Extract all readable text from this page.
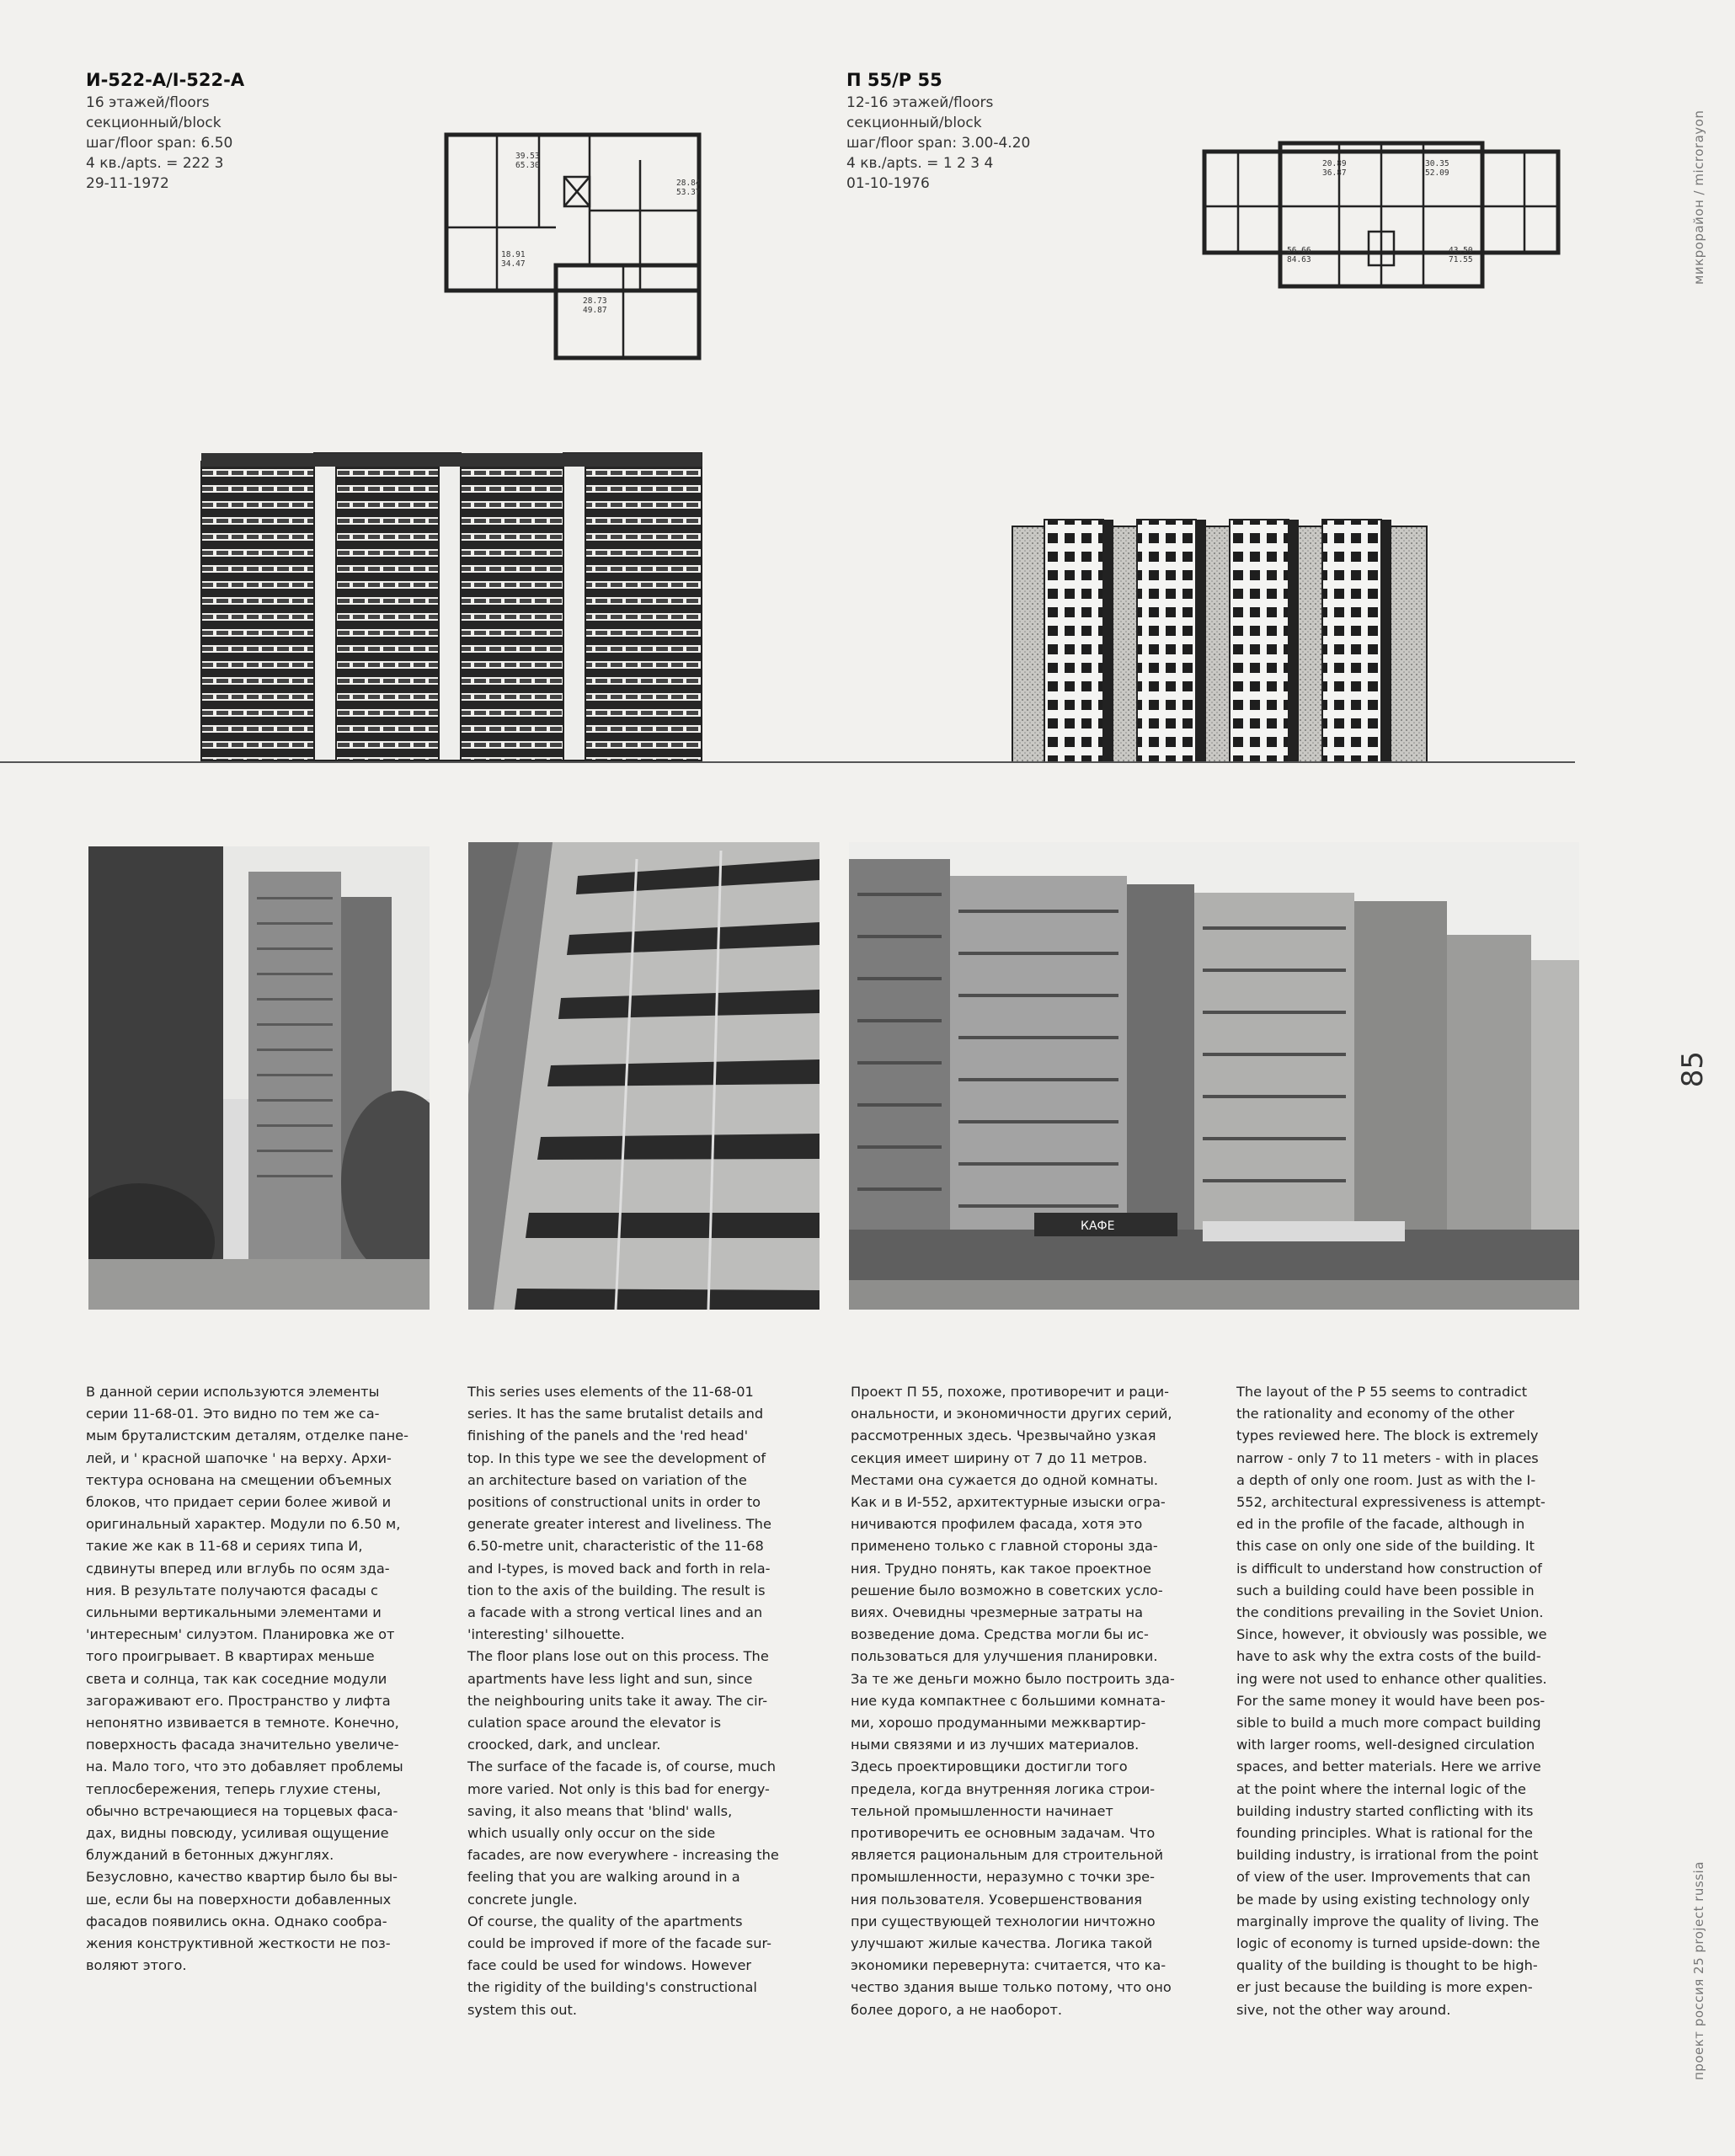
И-522-А/I-522-А
16 этажей/floors
секционный/block
шаг/floor span: 6.50
4 кв./apts. = 222 3
29-11-1972
П 55/Р 55
12-16 этажей/floors
секционный/block
шаг/floor span: 3.00-4.20
4 кв./apts. = 1 2 3 4
01-10-1976
39.53
65.30
28.84
53.37
18.91
34.47
28.73
49.87
20.89
36.87
30.35
52.09
56.66
84.63
43.50
71.55	микрорайон / microrayon
85
проект россия 25 project russia
КАФЕ
В данной серии используются элементы
серии 11-68-01. Это видно по тем же са-
мым бруталистским деталям, отделке пане-
лей, и ' красной шапочке ' на верху. Архи-
тектура основана на смещении объемных
блоков, что придает серии более живой и
оригинальный характер. Модули по 6.50 м,
такие же как в 11-68 и сериях типа И,
сдвинуты вперед или вглубь по осям зда-
ния. В результате получаются фасады с
сильными вертикальными элементами и
'интересным' силуэтом. Планировка же от
того проигрывает. В квартирах меньше
света и солнца, так как соседние модули
загораживают его. Пространство у лифта
непонятно извивается в темноте. Конечно,
поверхность фасада значительно увеличе-
на. Мало того, что это добавляет проблемы
теплосбережения, теперь глухие стены,
обычно встречающиеся на торцевых фаса-
дах, видны повсюду, усиливая ощущение
блужданий в бетонных джунглях.
Безусловно, качество квартир было бы вы-
ше, если бы на поверхности добавленных
фасадов появились окна. Однако сообра-
жения конструктивной жесткости не поз-
воляют этого.
This series uses elements of the 11-68-01
series. It has the same brutalist details and
finishing of the panels and the 'red head'
top. In this type we see the development of
an architecture based on variation of the
positions of constructional units in order to
generate greater interest and liveliness. The
6.50-metre unit, characteristic of the 11-68
and I-types, is moved back and forth in rela-
tion to the axis of the building. The result is
a facade with a strong vertical lines and an
'interesting' silhouette.
The floor plans lose out on this process. The
apartments have less light and sun, since
the neighbouring units take it away. The cir-
culation space around the elevator is
croocked, dark, and unclear.
The surface of the facade is, of course, much
more varied. Not only is this bad for energy-
saving, it also means that 'blind' walls,
which usually only occur on the side
facades, are now everywhere - increasing the
feeling that you are walking around in a
concrete jungle.
Of course, the quality of the apartments
could be improved if more of the facade sur-
face could be used for windows. However
the rigidity of the building's constructional
system this out.
Проект П 55, похоже, противоречит и раци-
ональности, и экономичности других серий,
рассмотренных здесь. Чрезвычайно узкая
секция имеет ширину от 7 до 11 метров.
Местами она сужается до одной комнаты.
Как и в И-552, архитектурные изыски огра-
ничиваются профилем фасада, хотя это
применено только с главной стороны зда-
ния. Трудно понять, как такое проектное
решение было возможно в советских усло-
виях. Очевидны чрезмерные затраты на
возведение дома. Средства могли бы ис-
пользоваться для улучшения планировки.
За те же деньги можно было построить зда-
ние куда компактнее с большими комната-
ми, хорошо продуманными межквартир-
ными связями и из лучших материалов.
Здесь проектировщики достигли того
предела, когда внутренняя логика строи-
тельной промышленности начинает
противоречить ее основным задачам. Что
является рациональным для строительной
промышленности, неразумно с точки зре-
ния пользователя. Усовершенствования
при существующей технологии ничтожно
улучшают жилые качества. Логика такой
экономики перевернута: считается, что ка-
чество здания выше только потому, что оно
более дорого, а не наоборот.
The layout of the P 55 seems to contradict
the rationality and economy of the other
types reviewed here. The block is extremely
narrow - only 7 to 11 meters - with in places
a depth of only one room. Just as with the I-
552, architectural expressiveness is attempt-
ed in the profile of the facade, although in
this case on only one side of the building. It
is difficult to understand how construction of
such a building could have been possible in
the conditions prevailing in the Soviet Union.
Since, however, it obviously was possible, we
have to ask why the extra costs of the build-
ing were not used to enhance other qualities.
For the same money it would have been pos-
sible to build a much more compact building
with larger rooms, well-designed circulation
spaces, and better materials. Here we arrive
at the point where the internal logic of the
building industry started conflicting with its
founding principles. What is rational for the
building industry, is irrational from the point
of view of the user. Improvements that can
be made by using existing technology only
marginally improve the quality of living. The
logic of economy is turned upside-down: the
quality of the building is thought to be high-
er just because the building is more expen-
sive, not the other way around.
